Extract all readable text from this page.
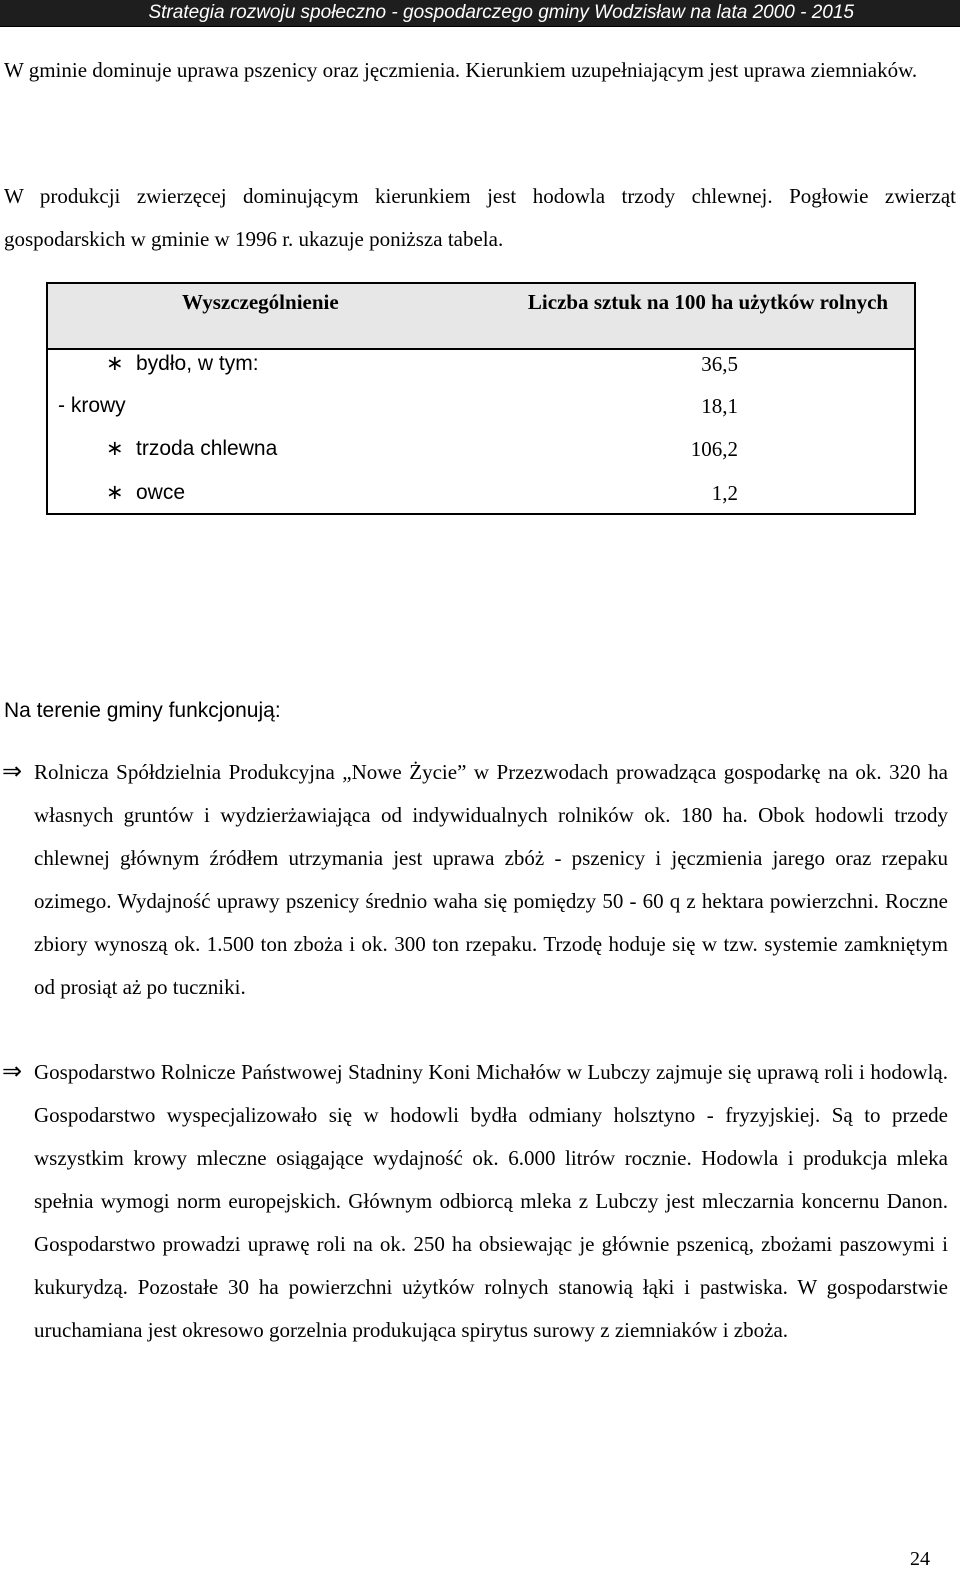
Strategia rozwoju społeczno - gospodarczego gminy Wodzisław na lata 2000 - 2015

W gminie dominuje uprawa pszenicy oraz jęczmienia. Kierunkiem uzupełniającym jest uprawa ziemniaków.

W produkcji zwierzęcej dominującym kierunkiem jest hodowla trzody chlewnej. Pogłowie zwierząt gospodarskich w gminie w 1996 r. ukazuje poniższa tabela.

Wyszczególnienie	Liczba sztuk na 100 ha użytków rolnych
∗ bydło, w tym:	36,5
- krowy	18,1
∗ trzoda chlewna	106,2
∗ owce	1,2

Na terenie gminy funkcjonują:

⇒ Rolnicza Spółdzielnia Produkcyjna „Nowe Życie” w Przezwodach prowadząca gospodarkę na ok. 320 ha własnych gruntów i wydzierżawiająca od indywidualnych rolników ok. 180 ha. Obok hodowli trzody chlewnej głównym źródłem utrzymania jest uprawa zbóż - pszenicy i jęczmienia jarego oraz rzepaku ozimego. Wydajność uprawy pszenicy średnio waha się pomiędzy 50 - 60 q z hektara powierzchni. Roczne zbiory wynoszą ok. 1.500 ton zboża i ok. 300 ton rzepaku. Trzodę hoduje się w tzw. systemie zamkniętym od prosiąt aż po tuczniki.

⇒ Gospodarstwo Rolnicze Państwowej Stadniny Koni Michałów w Lubczy zajmuje się uprawą roli i hodowlą. Gospodarstwo wyspecjalizowało się w hodowli bydła odmiany holsztyno - fryzyjskiej. Są to przede wszystkim krowy mleczne osiągające wydajność ok. 6.000 litrów rocznie. Hodowla i produkcja mleka spełnia wymogi norm europejskich. Głównym odbiorcą mleka z Lubczy jest mleczarnia koncernu Danon. Gospodarstwo prowadzi uprawę roli na ok. 250 ha obsiewając je głównie pszenicą, zbożami paszowymi i kukurydzą. Pozostałe 30 ha powierzchni użytków rolnych stanowią łąki i pastwiska. W gospodarstwie uruchamiana jest okresowo gorzelnia produkująca spirytus surowy z ziemniaków i zboża.

24
